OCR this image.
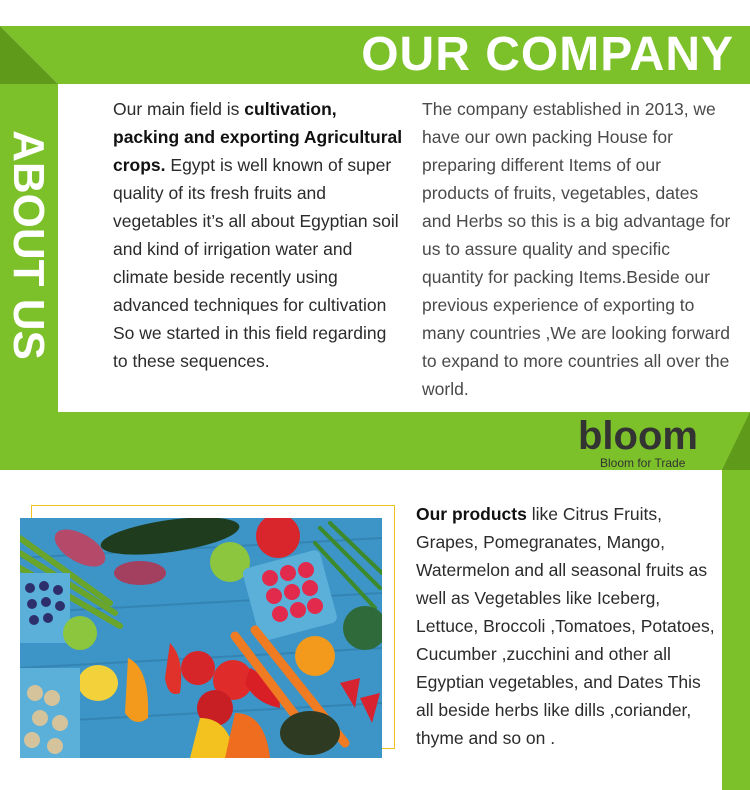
OUR COMPANY
ABOUT US
Our main field is cultivation, packing and exporting Agricultural crops. Egypt is well known of super quality of its fresh fruits and vegetables it’s all about Egyptian soil and kind of irrigation water and climate beside recently using advanced techniques for cultivation So we started in this field regarding to these sequences.
The company established in 2013, we have our own packing House for preparing different Items of our products of fruits, vegetables, dates and Herbs so this is a big advantage for us to assure quality and specific quantity for packing Items.Beside our previous experience of exporting to many countries ,We are looking forward to expand to more countries all over the world.
bloom
Bloom for Trade
Our products like Citrus Fruits, Grapes, Pomegranates, Mango, Watermelon and all seasonal fruits as well as Vegetables like Iceberg, Lettuce, Broccoli ,Tomatoes, Potatoes, Cucumber ,zucchini and other all Egyptian vegetables, and Dates This all beside herbs like dills ,coriander, thyme and so on .
